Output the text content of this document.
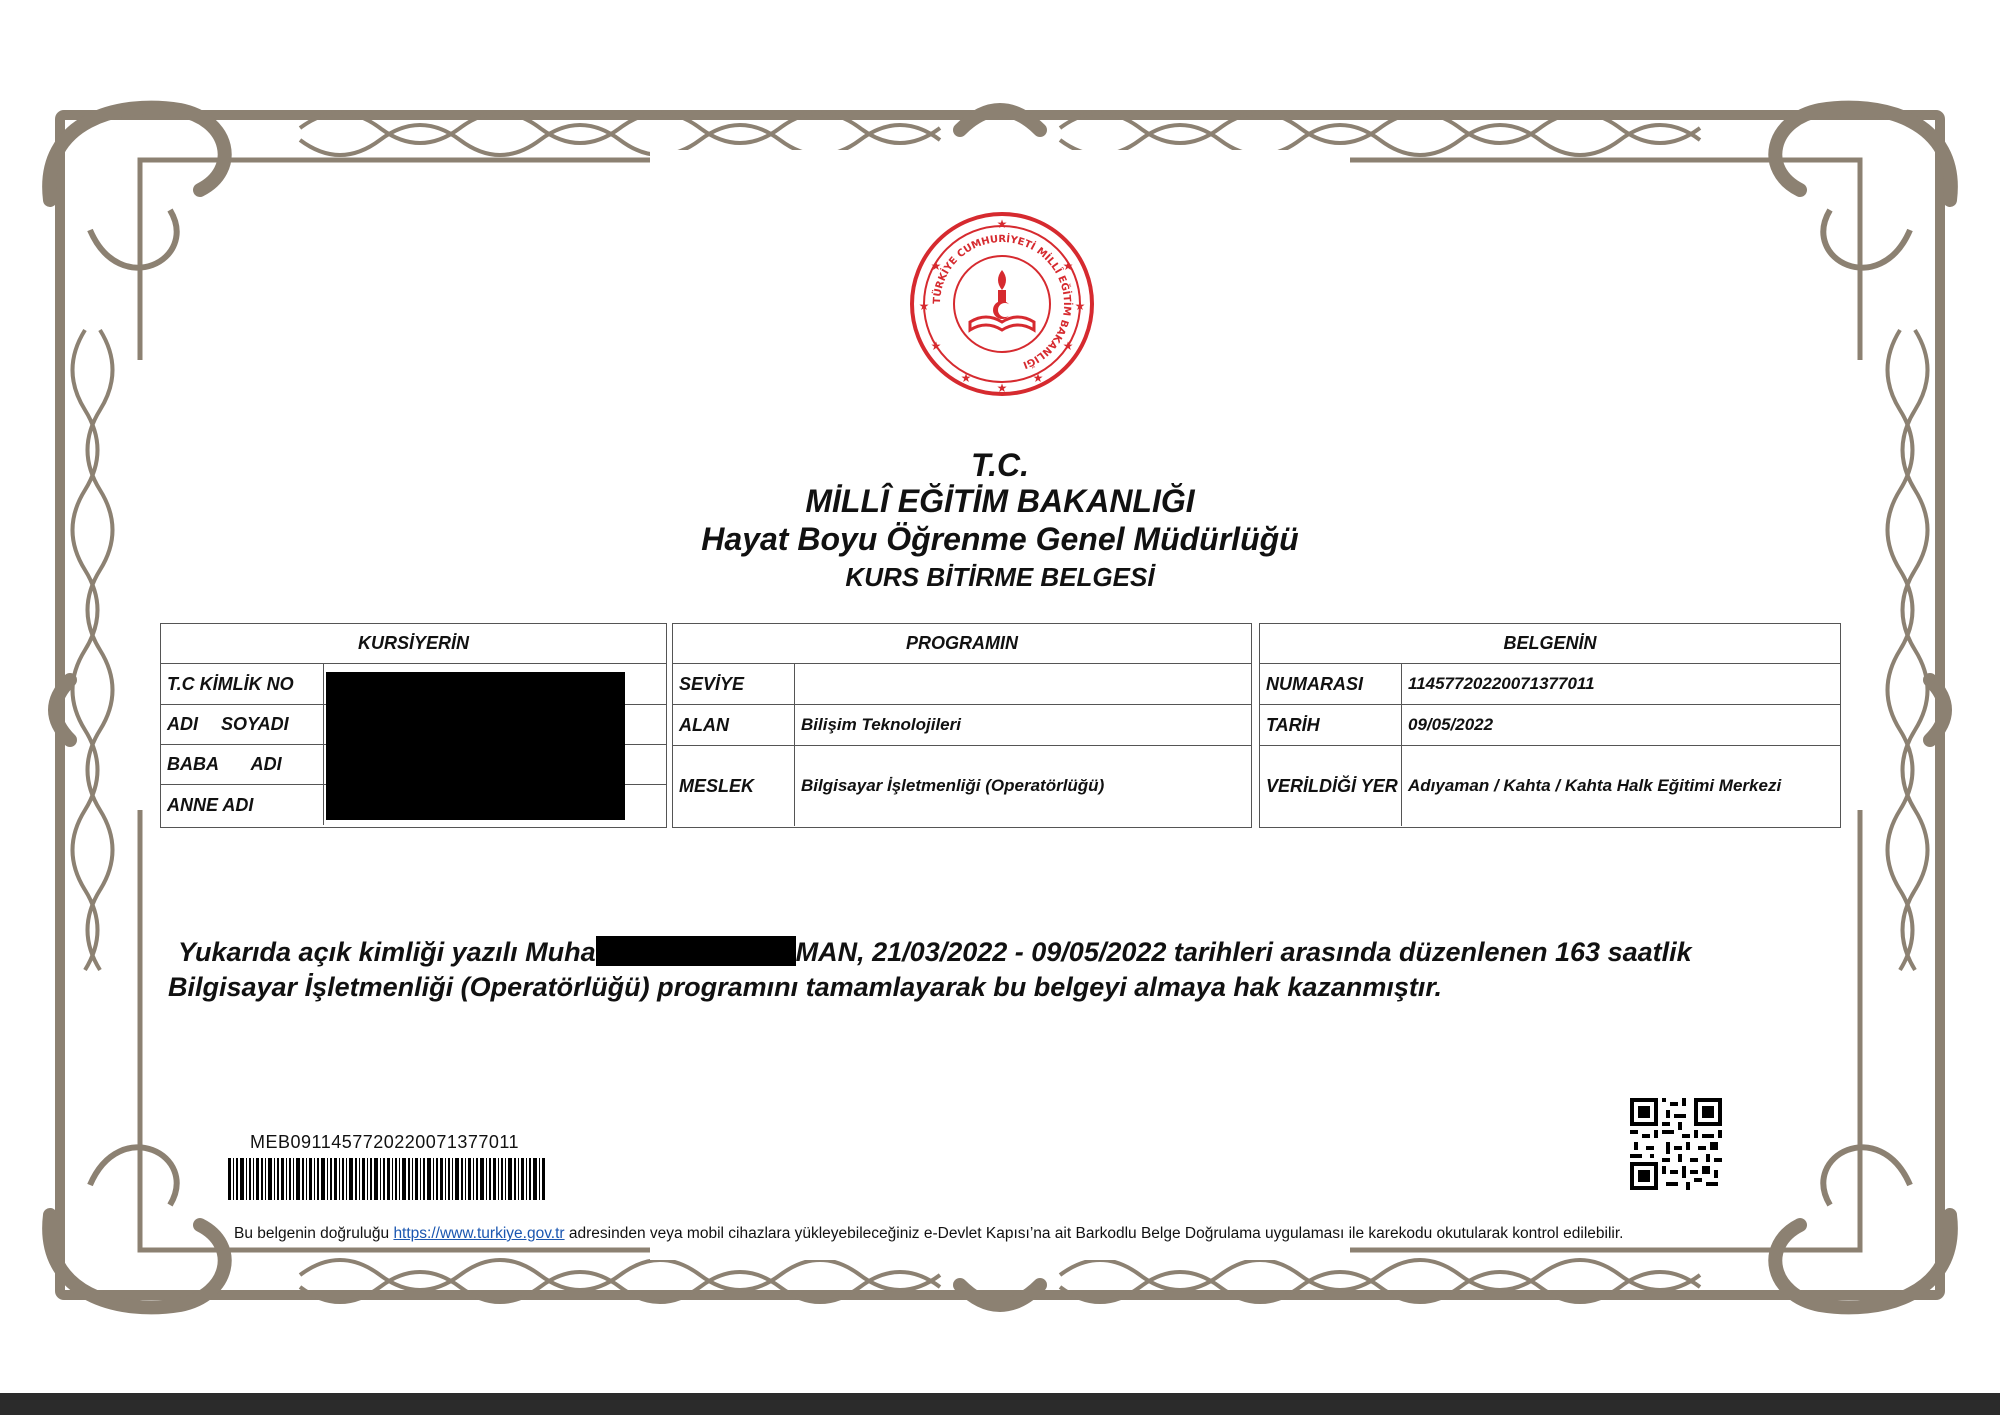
TÜRKİYE CUMHURİYETİ MİLLÎ EĞİTİM BAKANLIĞI
★
★
★
★
★
★
★
★
★
★
T.C.
MİLLÎ EĞİTİM BAKANLIĞI
Hayat Boyu Öğrenme Genel Müdürlüğü
KURS BİTİRME BELGESİ
KURSİYERİN
T.C KİMLİK NO
ADI SOYADI
BABA ADI
ANNE ADI
PROGRAMIN
SEVİYE
ALAN	Bilişim Teknolojileri
MESLEK	Bilgisayar İşletmenliği (Operatörlüğü)
BELGENİN
NUMARASI	11457720220071377011
TARİH	09/05/2022
VERİLDİĞİ YER Adıyaman / Kahta / Kahta Halk Eğitimi Merkezi
Yukarıda açık kimliği yazılı Muha	MAN, 21/03/2022 - 09/05/2022 tarihleri arasında düzenlenen 163 saatlik
Bilgisayar İşletmenliği (Operatörlüğü) programını tamamlayarak bu belgeyi almaya hak kazanmıştır.
MEB09114577202200713770​11
Bu belgenin doğruluğu https://www.turkiye.gov.tr adresinden veya mobil cihazlara yükleyebileceğiniz e-Devlet Kapısı’na ait Barkodlu Belge Doğrulama uygulaması ile karekodu okutularak kontrol edilebilir.
